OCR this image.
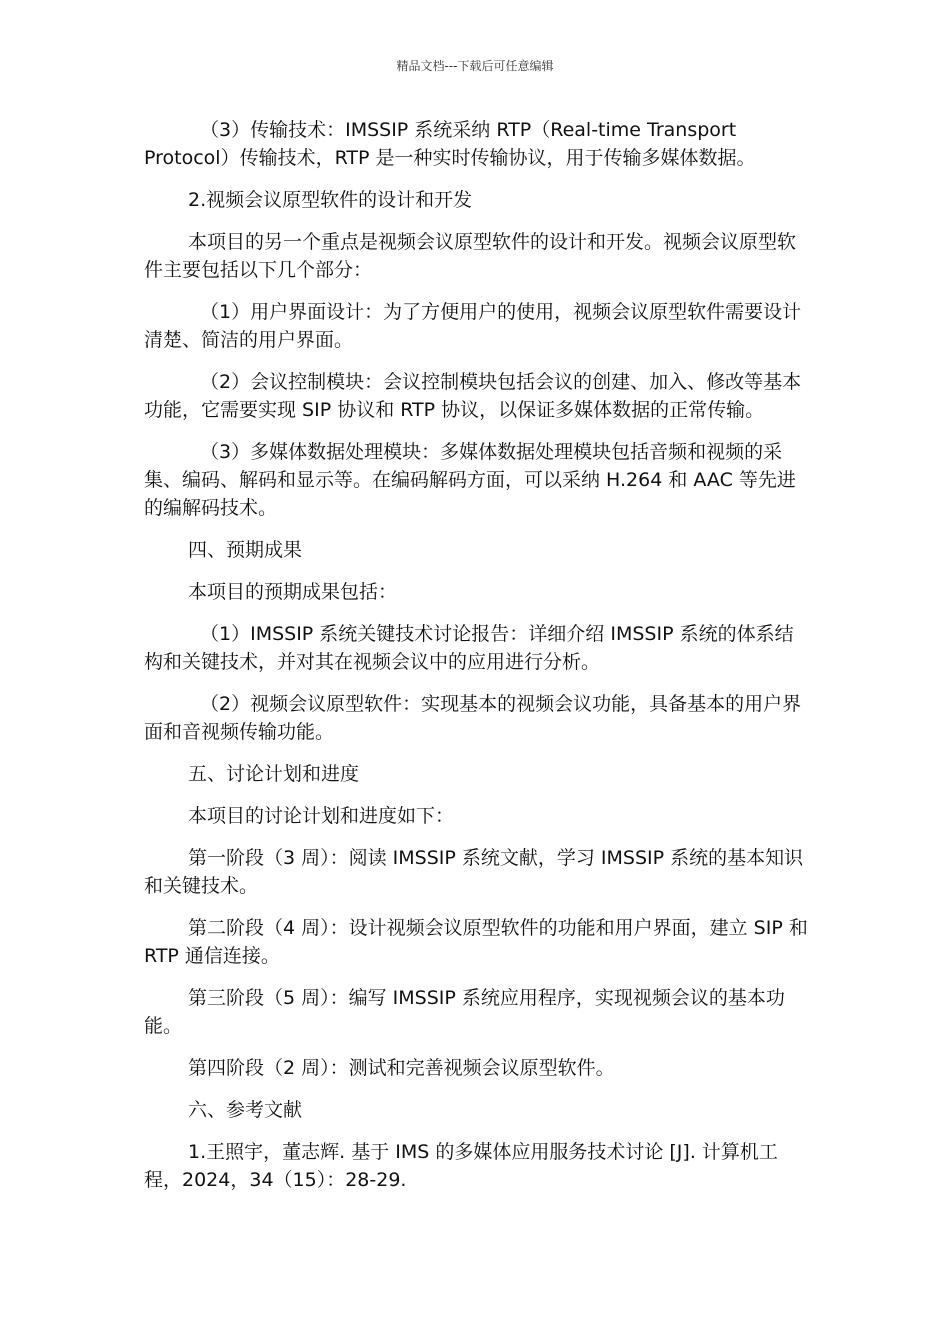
精品文档---下载后可任意编辑

（3）传输技术：IMSSIP 系统采纳 RTP（Real-time Transport Protocol）传输技术，RTP 是一种实时传输协议，用于传输多媒体数据。

2.视频会议原型软件的设计和开发

本项目的另一个重点是视频会议原型软件的设计和开发。视频会议原型软件主要包括以下几个部分：

（1）用户界面设计：为了方便用户的使用，视频会议原型软件需要设计清楚、简洁的用户界面。

（2）会议控制模块：会议控制模块包括会议的创建、加入、修改等基本功能，它需要实现 SIP 协议和 RTP 协议，以保证多媒体数据的正常传输。

（3）多媒体数据处理模块：多媒体数据处理模块包括音频和视频的采集、编码、解码和显示等。在编码解码方面，可以采纳 H.264 和 AAC 等先进的编解码技术。

四、预期成果

本项目的预期成果包括：

（1）IMSSIP 系统关键技术讨论报告：详细介绍 IMSSIP 系统的体系结构和关键技术，并对其在视频会议中的应用进行分析。

（2）视频会议原型软件：实现基本的视频会议功能，具备基本的用户界面和音视频传输功能。

五、讨论计划和进度

本项目的讨论计划和进度如下：

第一阶段（3 周）：阅读 IMSSIP 系统文献，学习 IMSSIP 系统的基本知识和关键技术。

第二阶段（4 周）：设计视频会议原型软件的功能和用户界面，建立 SIP 和 RTP 通信连接。

第三阶段（5 周）：编写 IMSSIP 系统应用程序，实现视频会议的基本功能。

第四阶段（2 周）：测试和完善视频会议原型软件。

六、参考文献

1.王照宇，董志辉. 基于 IMS 的多媒体应用服务技术讨论 [J]. 计算机工程，2024，34（15）：28-29.
